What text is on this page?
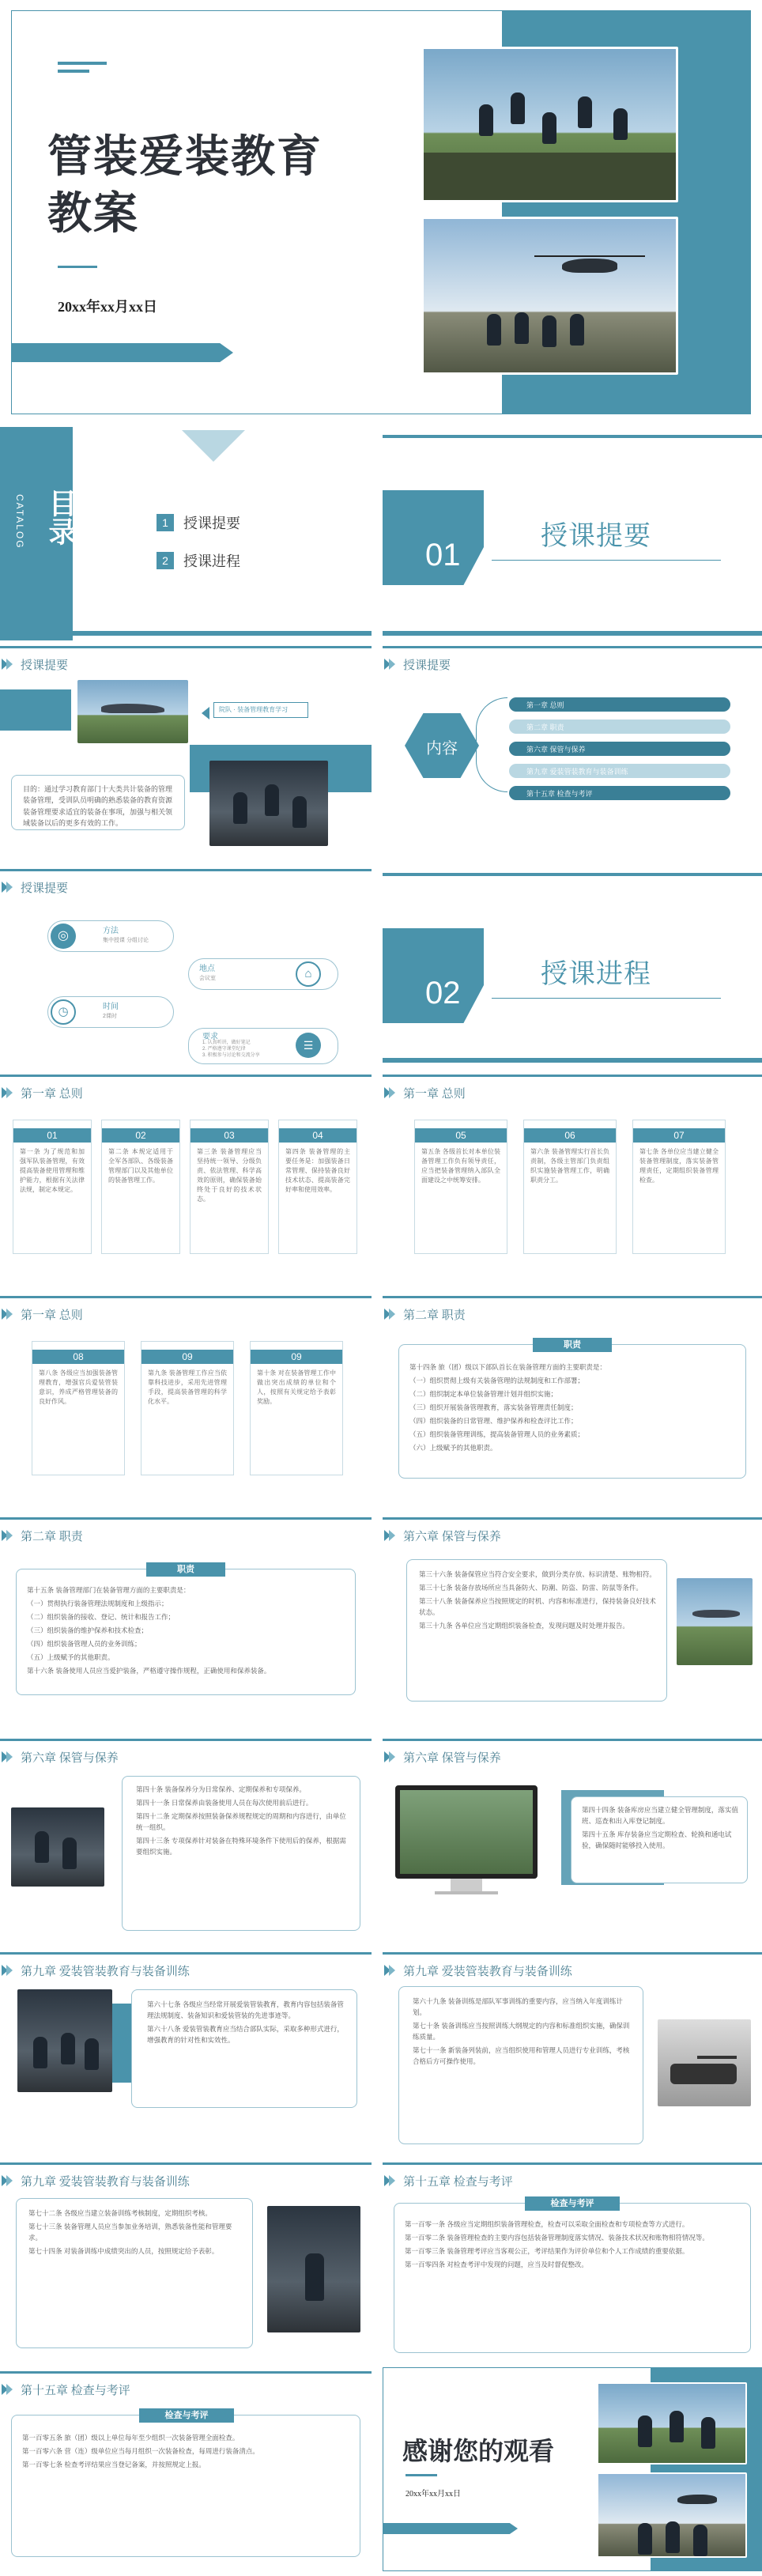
管装爱装教育
教案
20xx年xx月xx日
目录
CATALOG	1	授课提要
2	授课进程	01
授课提要
授课提要
院队 · 装备管理教育学习
目的：通过学习教育部门十大类共计装备的管理装备管理，受训队员明确的熟悉装备的教育资源装备管理要求适宜的装备在事项，加强与相关领域装备以后的更多有效的工作。
授课提要
内容
第一章 总则
第二章 职责
第六章 保管与保养
第九章 爱装管装教育与装备训练
第十五章 检查与考评
授课提要
◎	方法
集中授课 分组讨论
⌂
地点
会议室
◷	时间
2课时
☰
要求
1. 认真听讲，做好笔记
2. 严格遵守课堂纪律
3. 积极参与讨论和交流分享
02
授课进程
第一章 总则
01
第一条 为了规范和加强军队装备管理，有效提高装备使用管理和维护能力，根据有关法律法规，制定本规定。
02
第二条 本规定适用于全军各部队、各级装备管理部门以及其他单位的装备管理工作。
03
第三条 装备管理应当坚持统一领导、分级负责、依法管理、科学高效的原则，确保装备始终处于良好的技术状态。
04
第四条 装备管理的主要任务是：加强装备日常管理、保持装备良好技术状态、提高装备完好率和使用效率。
第一章 总则
05
第五条 各级首长对本单位装备管理工作负有领导责任，应当把装备管理纳入部队全面建设之中统筹安排。
06
第六条 装备管理实行首长负责制，各级主管部门负责组织实施装备管理工作，明确职责分工。
07
第七条 各单位应当建立健全装备管理制度，落实装备管理责任，定期组织装备管理检查。
第一章 总则
08
第八条 各级应当加强装备管理教育，增强官兵爱装管装意识，养成严格管理装备的良好作风。
09
第九条 装备管理工作应当依靠科技进步，采用先进管理手段，提高装备管理的科学化水平。
09
第十条 对在装备管理工作中做出突出成绩的单位和个人，按照有关规定给予表彰奖励。
第二章 职责
职责

第十四条 旅（团）级以下部队首长在装备管理方面的主要职责是：

（一）组织贯彻上级有关装备管理的法规制度和工作部署；

（二）组织制定本单位装备管理计划并组织实施；

（三）组织开展装备管理教育，落实装备管理责任制度；

（四）组织装备的日常管理、维护保养和检查评比工作；

（五）组织装备管理训练，提高装备管理人员的业务素质；

（六）上级赋予的其他职责。

第二章 职责
职责

第十五条 装备管理部门在装备管理方面的主要职责是：

（一）贯彻执行装备管理法规制度和上级指示；

（二）组织装备的接收、登记、统计和报告工作；

（三）组织装备的维护保养和技术检查；

（四）组织装备管理人员的业务训练；

（五）上级赋予的其他职责。

第十六条 装备使用人员应当爱护装备，严格遵守操作规程，正确使用和保养装备。

第六章 保管与保养

第三十六条 装备保管应当符合安全要求，做到分类存放、标识清楚、账物相符。

第三十七条 装备存放场所应当具备防火、防潮、防盗、防雷、防鼠等条件。

第三十八条 装备保养应当按照规定的时机、内容和标准进行，保持装备良好技术状态。

第三十九条 各单位应当定期组织装备检查，发现问题及时处理并报告。

第六章 保管与保养

第四十条 装备保养分为日常保养、定期保养和专项保养。

第四十一条 日常保养由装备使用人员在每次使用前后进行。

第四十二条 定期保养按照装备保养规程规定的周期和内容进行，由单位统一组织。

第四十三条 专项保养针对装备在特殊环境条件下使用后的保养，根据需要组织实施。

第六章 保管与保养

第四十四条 装备库房应当建立健全管理制度，落实值班、巡查和出入库登记制度。

第四十五条 库存装备应当定期检查、轮换和通电试验，确保随时能够投入使用。

第九章 爱装管装教育与装备训练

第六十七条 各级应当经常开展爱装管装教育，教育内容包括装备管理法规制度、装备知识和爱装管装的先进事迹等。

第六十八条 爱装管装教育应当结合部队实际，采取多种形式进行，增强教育的针对性和实效性。

第九章 爱装管装教育与装备训练

第六十九条 装备训练是部队军事训练的重要内容，应当纳入年度训练计划。

第七十条 装备训练应当按照训练大纲规定的内容和标准组织实施，确保训练质量。

第七十一条 新装备列装前，应当组织使用和管理人员进行专业训练，考核合格后方可操作使用。

第九章 爱装管装教育与装备训练

第七十二条 各级应当建立装备训练考核制度，定期组织考核。

第七十三条 装备管理人员应当参加业务培训，熟悉装备性能和管理要求。

第七十四条 对装备训练中成绩突出的人员，按照规定给予表彰。

第十五章 检查与考评
检查与考评

第一百零一条 各级应当定期组织装备管理检查，检查可以采取全面检查和专项检查等方式进行。

第一百零二条 装备管理检查的主要内容包括装备管理制度落实情况、装备技术状况和账物相符情况等。

第一百零三条 装备管理考评应当客观公正，考评结果作为评价单位和个人工作成绩的重要依据。

第一百零四条 对检查考评中发现的问题，应当及时督促整改。

第十五章 检查与考评
检查与考评

第一百零五条 旅（团）级以上单位每年至少组织一次装备管理全面检查。

第一百零六条 营（连）级单位应当每月组织一次装备检查，每周进行装备清点。

第一百零七条 检查考评结果应当登记备案，并按照规定上报。	感谢您的观看
20xx年xx月xx日
